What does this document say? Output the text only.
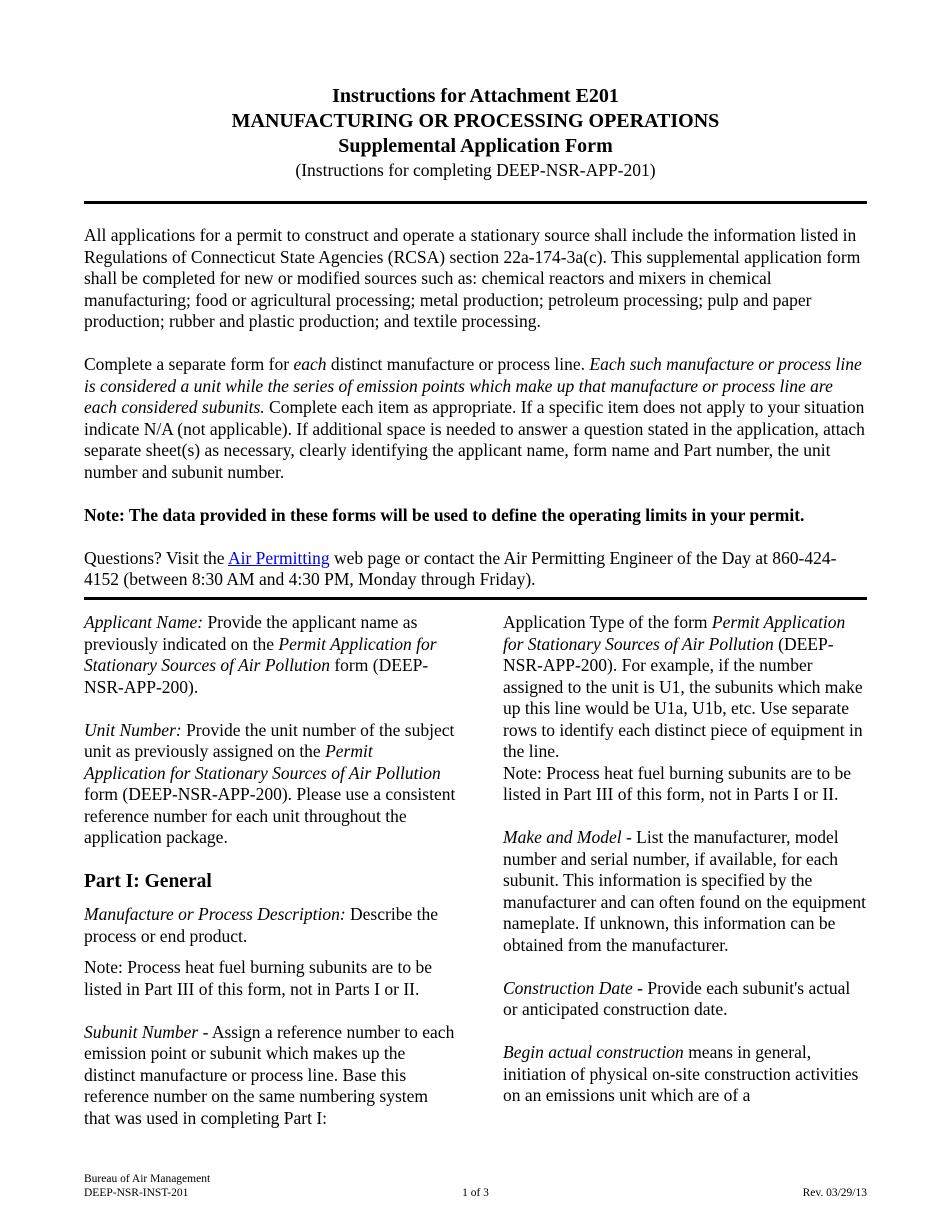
Instructions for Attachment E201
MANUFACTURING OR PROCESSING OPERATIONS
Supplemental Application Form
(Instructions for completing DEEP-NSR-APP-201)

All applications for a permit to construct and operate a stationary source shall include the information listed in Regulations of Connecticut State Agencies (RCSA) section 22a-174-3a(c). This supplemental application form shall be completed for new or modified sources such as: chemical reactors and mixers in chemical manufacturing; food or agricultural processing; metal production; petroleum processing; pulp and paper production; rubber and plastic production; and textile processing.

Complete a separate form for each distinct manufacture or process line. Each such manufacture or process line is considered a unit while the series of emission points which make up that manufacture or process line are each considered subunits. Complete each item as appropriate. If a specific item does not apply to your situation indicate N/A (not applicable). If additional space is needed to answer a question stated in the application, attach separate sheet(s) as necessary, clearly identifying the applicant name, form name and Part number, the unit number and subunit number.

Note: The data provided in these forms will be used to define the operating limits in your permit.

Questions? Visit the Air Permitting web page or contact the Air Permitting Engineer of the Day at 860-424-4152 (between 8:30 AM and 4:30 PM, Monday through Friday).

Applicant Name: Provide the applicant name as previously indicated on the Permit Application for Stationary Sources of Air Pollution form (DEEP-NSR-APP-200).

Unit Number: Provide the unit number of the subject unit as previously assigned on the Permit Application for Stationary Sources of Air Pollution form (DEEP-NSR-APP-200). Please use a consistent reference number for each unit throughout the application package.

Part I: General

Manufacture or Process Description: Describe the process or end product.

Note: Process heat fuel burning subunits are to be listed in Part III of this form, not in Parts I or II.

Subunit Number - Assign a reference number to each emission point or subunit which makes up the distinct manufacture or process line. Base this reference number on the same numbering system that was used in completing Part I:

Application Type of the form Permit Application for Stationary Sources of Air Pollution (DEEP-NSR-APP-200). For example, if the number assigned to the unit is U1, the subunits which make up this line would be U1a, U1b, etc. Use separate rows to identify each distinct piece of equipment in the line.

Note: Process heat fuel burning subunits are to be listed in Part III of this form, not in Parts I or II.

Make and Model - List the manufacturer, model number and serial number, if available, for each subunit. This information is specified by the manufacturer and can often found on the equipment nameplate. If unknown, this information can be obtained from the manufacturer.

Construction Date - Provide each subunit's actual or anticipated construction date.

Begin actual construction means in general, initiation of physical on-site construction activities on an emissions unit which are of a

Bureau of Air Management
DEEP-NSR-INST-201	1 of 3	Rev. 03/29/13
